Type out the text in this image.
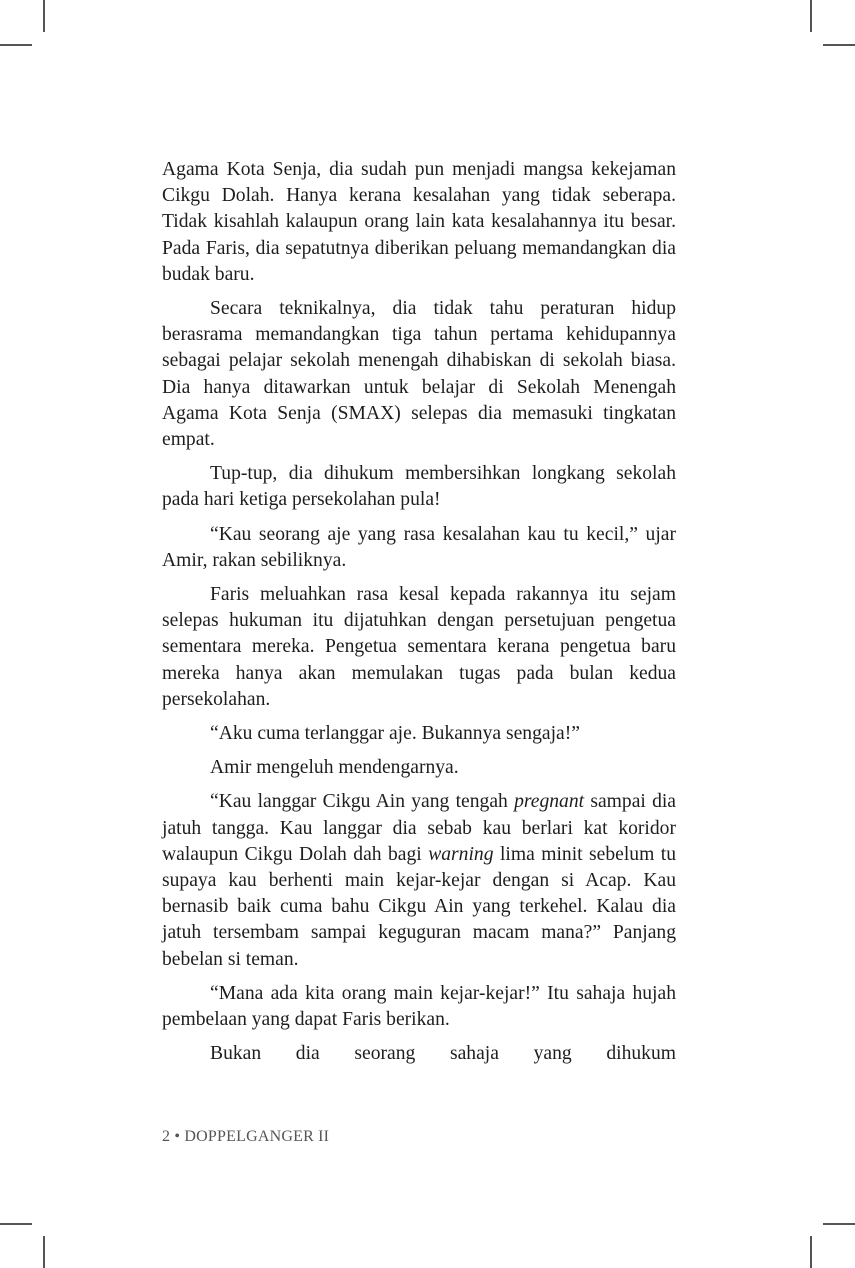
Agama Kota Senja, dia sudah pun menjadi mangsa kekejaman Cikgu Dolah. Hanya kerana kesalahan yang tidak seberapa. Tidak kisahlah kalaupun orang lain kata kesalahannya itu besar. Pada Faris, dia sepatutnya diberikan peluang memandangkan dia budak baru.

Secara teknikalnya, dia tidak tahu peraturan hidup berasrama memandangkan tiga tahun pertama kehidupannya sebagai pelajar sekolah menengah dihabiskan di sekolah biasa. Dia hanya ditawarkan untuk belajar di Sekolah Menengah Agama Kota Senja (SMAX) selepas dia memasuki tingkatan empat.

Tup-tup, dia dihukum membersihkan longkang sekolah pada hari ketiga persekolahan pula!

“Kau seorang aje yang rasa kesalahan kau tu kecil,” ujar Amir, rakan sebiliknya.

Faris meluahkan rasa kesal kepada rakannya itu sejam selepas hukuman itu dijatuhkan dengan persetujuan pengetua sementara mereka. Pengetua sementara kerana pengetua baru mereka hanya akan memulakan tugas pada bulan kedua persekolahan.

“Aku cuma terlanggar aje. Bukannya sengaja!”

Amir mengeluh mendengarnya.

“Kau langgar Cikgu Ain yang tengah pregnant sampai dia jatuh tangga. Kau langgar dia sebab kau berlari kat koridor walaupun Cikgu Dolah dah bagi warning lima minit sebelum tu supaya kau berhenti main kejar-kejar dengan si Acap. Kau bernasib baik cuma bahu Cikgu Ain yang terkehel. Kalau dia jatuh tersembam sampai keguguran macam mana?” Panjang bebelan si teman.

“Mana ada kita orang main kejar-kejar!” Itu sahaja hujah pembelaan yang dapat Faris berikan.

Bukan dia seorang sahaja yang dihukum

2 • DOPPELGANGER II
